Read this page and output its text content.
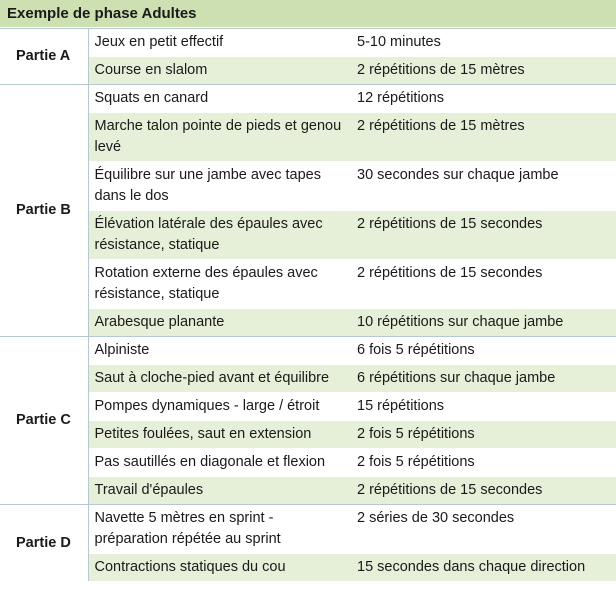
Exemple de phase Adultes
Partie A	Jeux en petit effectif	5-10 minutes
	Course en slalom	2 répétitions de 15 mètres
Partie B	Squats en canard	12 répétitions
	Marche talon pointe de pieds et genou levé	2 répétitions de 15 mètres
	Équilibre sur une jambe avec tapes dans le dos	30 secondes sur chaque jambe
	Élévation latérale des épaules avec résistance, statique	2 répétitions de 15 secondes
	Rotation externe des épaules avec résistance, statique	2 répétitions de 15 secondes
	Arabesque planante	10 répétitions sur chaque jambe
Partie C	Alpiniste	6 fois 5 répétitions
	Saut à cloche-pied avant et équilibre	6 répétitions sur chaque jambe
	Pompes dynamiques - large / étroit	15 répétitions
	Petites foulées, saut en extension	2 fois 5 répétitions
	Pas sautillés en diagonale et flexion	2 fois 5 répétitions
	Travail d'épaules	2 répétitions de 15 secondes
Partie D	Navette 5 mètres en sprint - préparation répétée au sprint	2 séries de 30 secondes
	Contractions statiques du cou	15 secondes dans chaque direction
